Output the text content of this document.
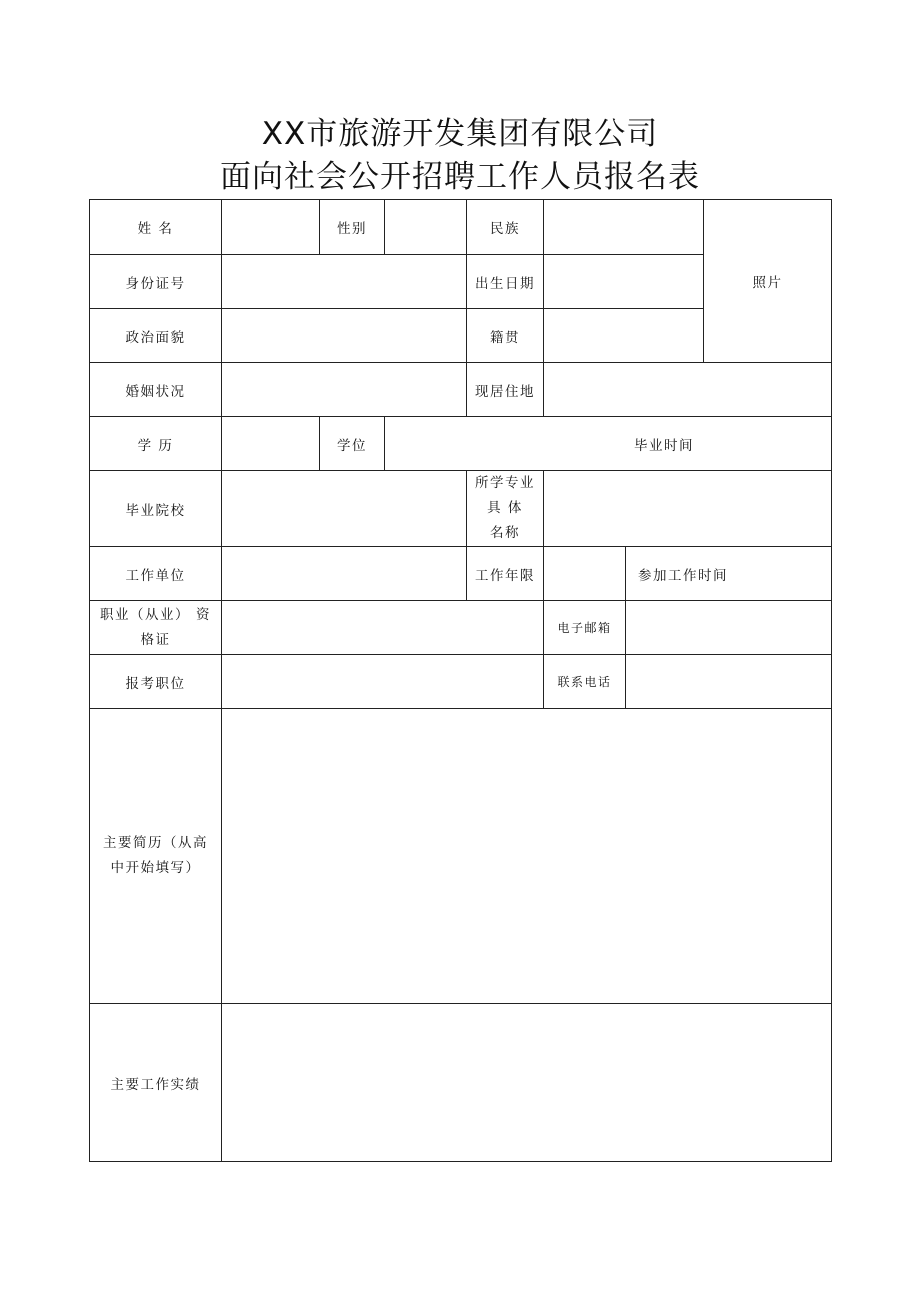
XX市旅游开发集团有限公司
面向社会公开招聘工作人员报名表
姓 名		性别		民族			照片
身份证号				出生日期			
政治面貌				籍贯			
婚姻状况				现居住地			
学 历		学位	毕业时间				
毕业院校				所学专业具 体
名称			

工作单位				工作年限		参加工作时间	

职业（从业） 资
格证					电子邮箱		
报考职位					联系电话		

主要简历（从高
中开始填写）							

主要工作实绩							
